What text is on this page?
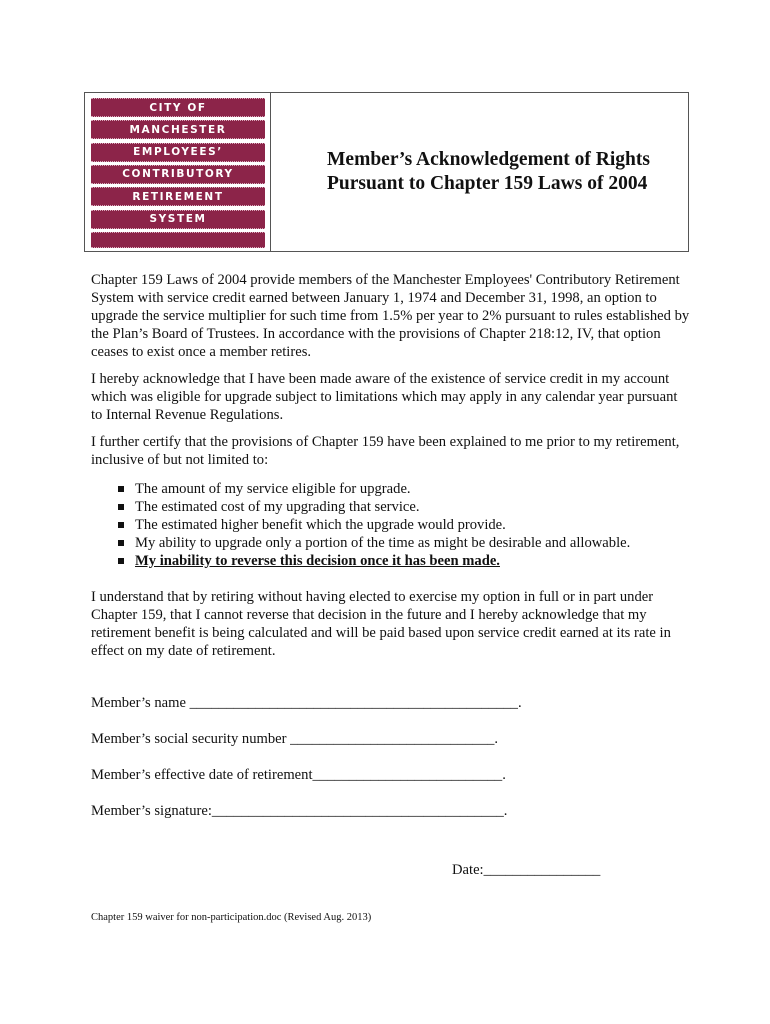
CITY OF
MANCHESTER
EMPLOYEES’
CONTRIBUTORY
RETIREMENT
SYSTEM
Member’s Acknowledgement of Rights
Pursuant to Chapter 159 Laws of 2004

Chapter 159 Laws of 2004 provide members of the Manchester Employees' Contributory Retirement System with service credit earned between January 1, 1974 and December 31, 1998, an option to upgrade the service multiplier for such time from 1.5% per year to 2% pursuant to rules established by the Plan’s Board of Trustees. In accordance with the provisions of Chapter 218:12, IV, that option ceases to exist once a member retires.

I hereby acknowledge that I have been made aware of the existence of service credit in my account which was eligible for upgrade subject to limitations which may apply in any calendar year pursuant to Internal Revenue Regulations.

I further certify that the provisions of Chapter 159 have been explained to me prior to my retirement, inclusive of but not limited to:

The amount of my service eligible for upgrade.
The estimated cost of my upgrading that service.
The estimated higher benefit which the upgrade would provide.
My ability to upgrade only a portion of the time as might be desirable and allowable.
My inability to reverse this decision once it has been made.

I understand that by retiring without having elected to exercise my option in full or in part under Chapter 159, that I cannot reverse that decision in the future and I hereby acknowledge that my retirement benefit is being calculated and will be paid based upon service credit earned at its rate in effect on my date of retirement.

Member’s name _____________________________________________.
Member’s social security number ____________________________.
Member’s effective date of retirement__________________________.
Member’s signature:________________________________________.
Date:________________
Chapter 159 waiver for non-participation.doc (Revised Aug. 2013)
